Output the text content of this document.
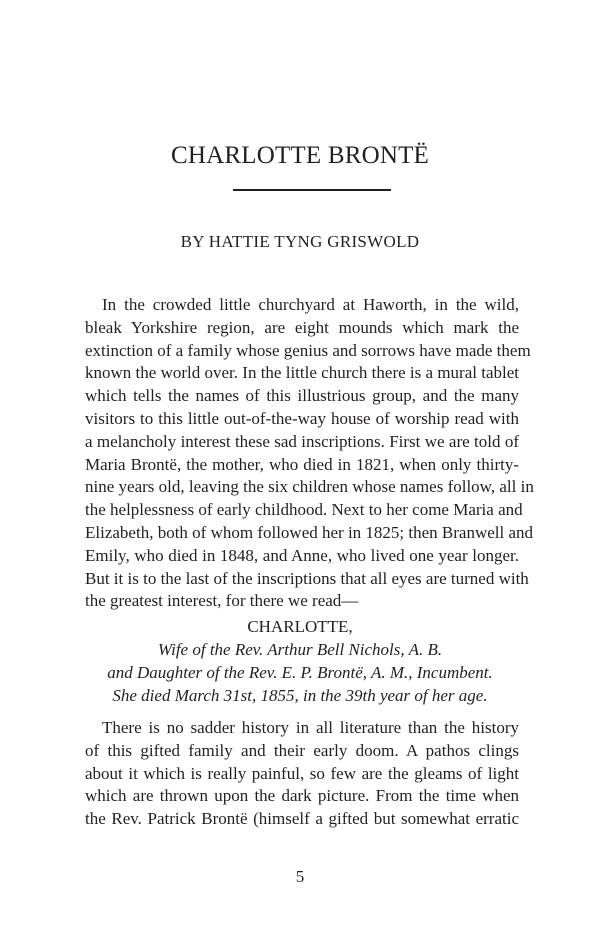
CHARLOTTE BRONTË
BY HATTIE TYNG GRISWOLD
In the crowded little churchyard at Haworth, in the wild,
bleak Yorkshire region, are eight mounds which mark the
extinction of a family whose genius and sorrows have made them
known the world over. In the little church there is a mural tablet
which tells the names of this illustrious group, and the many
visitors to this little out-of-the-way house of worship read with
a melancholy interest these sad inscriptions. First we are told of
Maria Brontë, the mother, who died in 1821, when only thirty-
nine years old, leaving the six children whose names follow, all in
the helplessness of early childhood. Next to her come Maria and
Elizabeth, both of whom followed her in 1825; then Branwell and
Emily, who died in 1848, and Anne, who lived one year longer.
But it is to the last of the inscriptions that all eyes are turned with
the greatest interest, for there we read—
CHARLOTTE,
Wife of the Rev. Arthur Bell Nichols, A. B.
and Daughter of the Rev. E. P. Brontë, A. M., Incumbent.
She died March 31st, 1855, in the 39th year of her age.
There is no sadder history in all literature than the history
of this gifted family and their early doom. A pathos clings
about it which is really painful, so few are the gleams of light
which are thrown upon the dark picture. From the time when
the Rev. Patrick Brontë (himself a gifted but somewhat erratic
5
